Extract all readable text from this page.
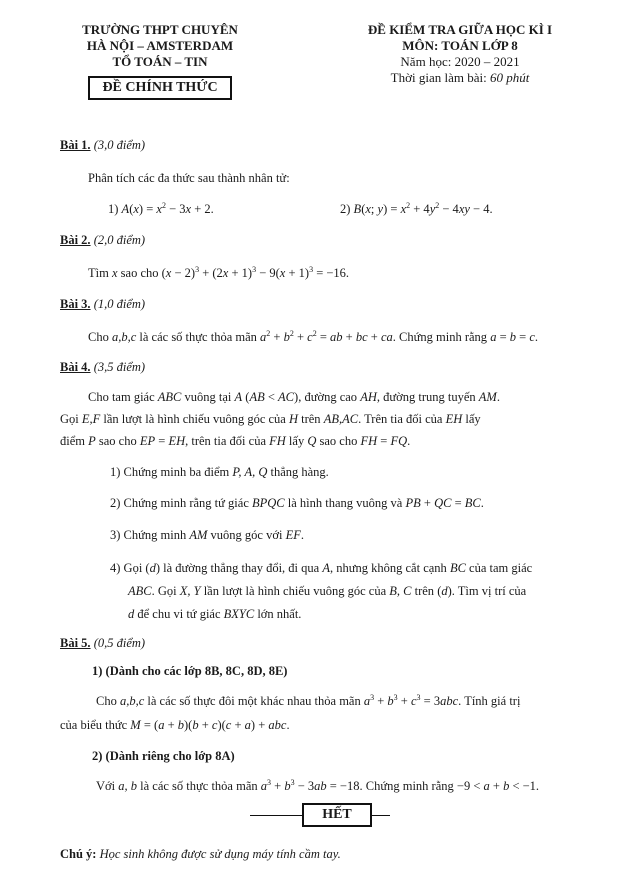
TRƯỜNG THPT CHUYÊN
HÀ NỘI – AMSTERDAM
TỔ TOÁN – TIN
ĐỀ CHÍNH THỨC
ĐỀ KIỂM TRA GIỮA HỌC KÌ I
MÔN: TOÁN LỚP 8
Năm học: 2020 – 2021
Thời gian làm bài: 60 phút
Bài 1. (3,0 điểm)
Phân tích các đa thức sau thành nhân tử:
1) $A(x) = x^2 - 3x + 2$.	2) B(x; $y) = x^2 + 4y^2 - 4xy - 4$.
Bài 2. (2,0 điểm)
Tìm x sao cho $(x - 2)^3 + (2x + 1)^3 - 9(x + 1)^3 = -16$.
Bài 3. (1,0 điểm)
Cho a,b,c là các số thực thỏa mãn $a^2 + b^2 + c^2$ = ab + bc + ca. Chứng minh rằng a = b = c.
Bài 4. (3,5 điểm)
Cho tam giác ABC vuông tại A (AB < AC), đường cao AH, đường trung tuyến AM.
Gọi E,F lần lượt là hình chiếu vuông góc của H trên AB,AC. Trên tia đối của EH lấy
điểm P sao cho EP = EH, trên tia đối của FH lấy Q sao cho FH = FQ.
1) Chứng minh ba điểm P, A, Q thẳng hàng.
2) Chứng minh rằng tứ giác BPQC là hình thang vuông và PB + QC = BC.
3) Chứng minh AM vuông góc với EF.
4) Gọi (d) là đường thẳng thay đổi, đi qua A, nhưng không cắt cạnh BC của tam giác
ABC. Gọi X, Y lần lượt là hình chiếu vuông góc của B, C trên (d). Tìm vị trí của
d để chu vi tứ giác BXYC lớn nhất.
Bài 5. (0,5 điểm)
1) (Dành cho các lớp 8B, 8C, 8D, 8E)
Cho a,b,c là các số thực đôi một khác nhau thỏa mãn $a^3 + b^3 + c^3 = 3abc$. Tính giá trị
của biểu thức M = (a + b)(b + c)(c + a) + abc.
2) (Dành riêng cho lớp 8A)
Với a, b là các số thực thỏa mãn $a^3 + b^3 - 3ab = -18$. Chứng minh rằng −9 < a + b < −1.
HẾT
Chú ý: Học sinh không được sử dụng máy tính cầm tay.
